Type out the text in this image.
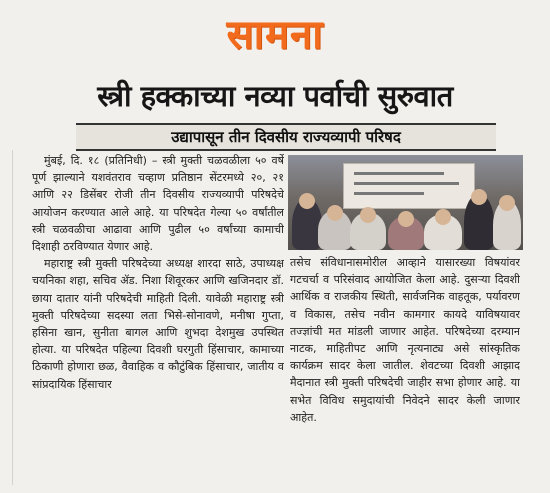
सामना
स्त्री हक्काच्या नव्या पर्वाची सुरुवात
उद्यापासून तीन दिवसीय राज्यव्यापी परिषद

मुंबई, दि. १८ (प्रतिनिधी) – स्त्री मुक्ती चळवळीला ५० वर्षे पूर्ण झाल्याने यशवंतराव चव्हाण प्रतिष्ठान सेंटरमध्ये २०, २१ आणि २२ डिसेंबर रोजी तीन दिवसीय राज्यव्यापी परिषदेचे आयोजन करण्यात आले आहे. या परिषदेत गेल्या ५० वर्षांतील स्त्री चळवळीचा आढावा आणि पुढील ५० वर्षांच्या कामाची दिशाही ठरविण्यात येणार आहे.

महाराष्ट्र स्त्री मुक्ती परिषदेच्या अध्यक्ष शारदा साठे, उपाध्यक्ष चयनिका शहा, सचिव ॲड. निशा शिवूरकर आणि खजिनदार डॉ. छाया दातार यांनी परिषदेची माहिती दिली. यावेळी महाराष्ट्र स्त्री मुक्ती परिषदेच्या सदस्या लता भिसे-सोनावणे, मनीषा गुप्ता, हसिना खान, सुनीता बागल आणि शुभदा देशमुख उपस्थित होत्या. या परिषदेत पहिल्या दिवशी घरगुती हिंसाचार, कामाच्या ठिकाणी होणारा छळ, वैवाहिक व कौटुंबिक हिंसाचार, जातीय व सांप्रदायिक हिंसाचार

तसेच संविधानासमोरील आव्हाने यासारख्या विषयांवर गटचर्चा व परिसंवाद आयोजित केला आहे. दुसऱ्या दिवशी आर्थिक व राजकीय स्थिती, सार्वजनिक वाहतूक, पर्यावरण व विकास, तसेच नवीन कामगार कायदे याविषयावर तज्ज्ञांची मत मांडली जाणार आहेत. परिषदेच्या दरम्यान नाटक, माहितीपट आणि नृत्यनाट्य असे सांस्कृतिक कार्यक्रम सादर केला जातील. शेवटच्या दिवशी आझाद मैदानात स्त्री मुक्ती परिषदेची जाहीर सभा होणार आहे. या सभेत विविध समुदायांची निवेदने सादर केली जाणार आहेत.
